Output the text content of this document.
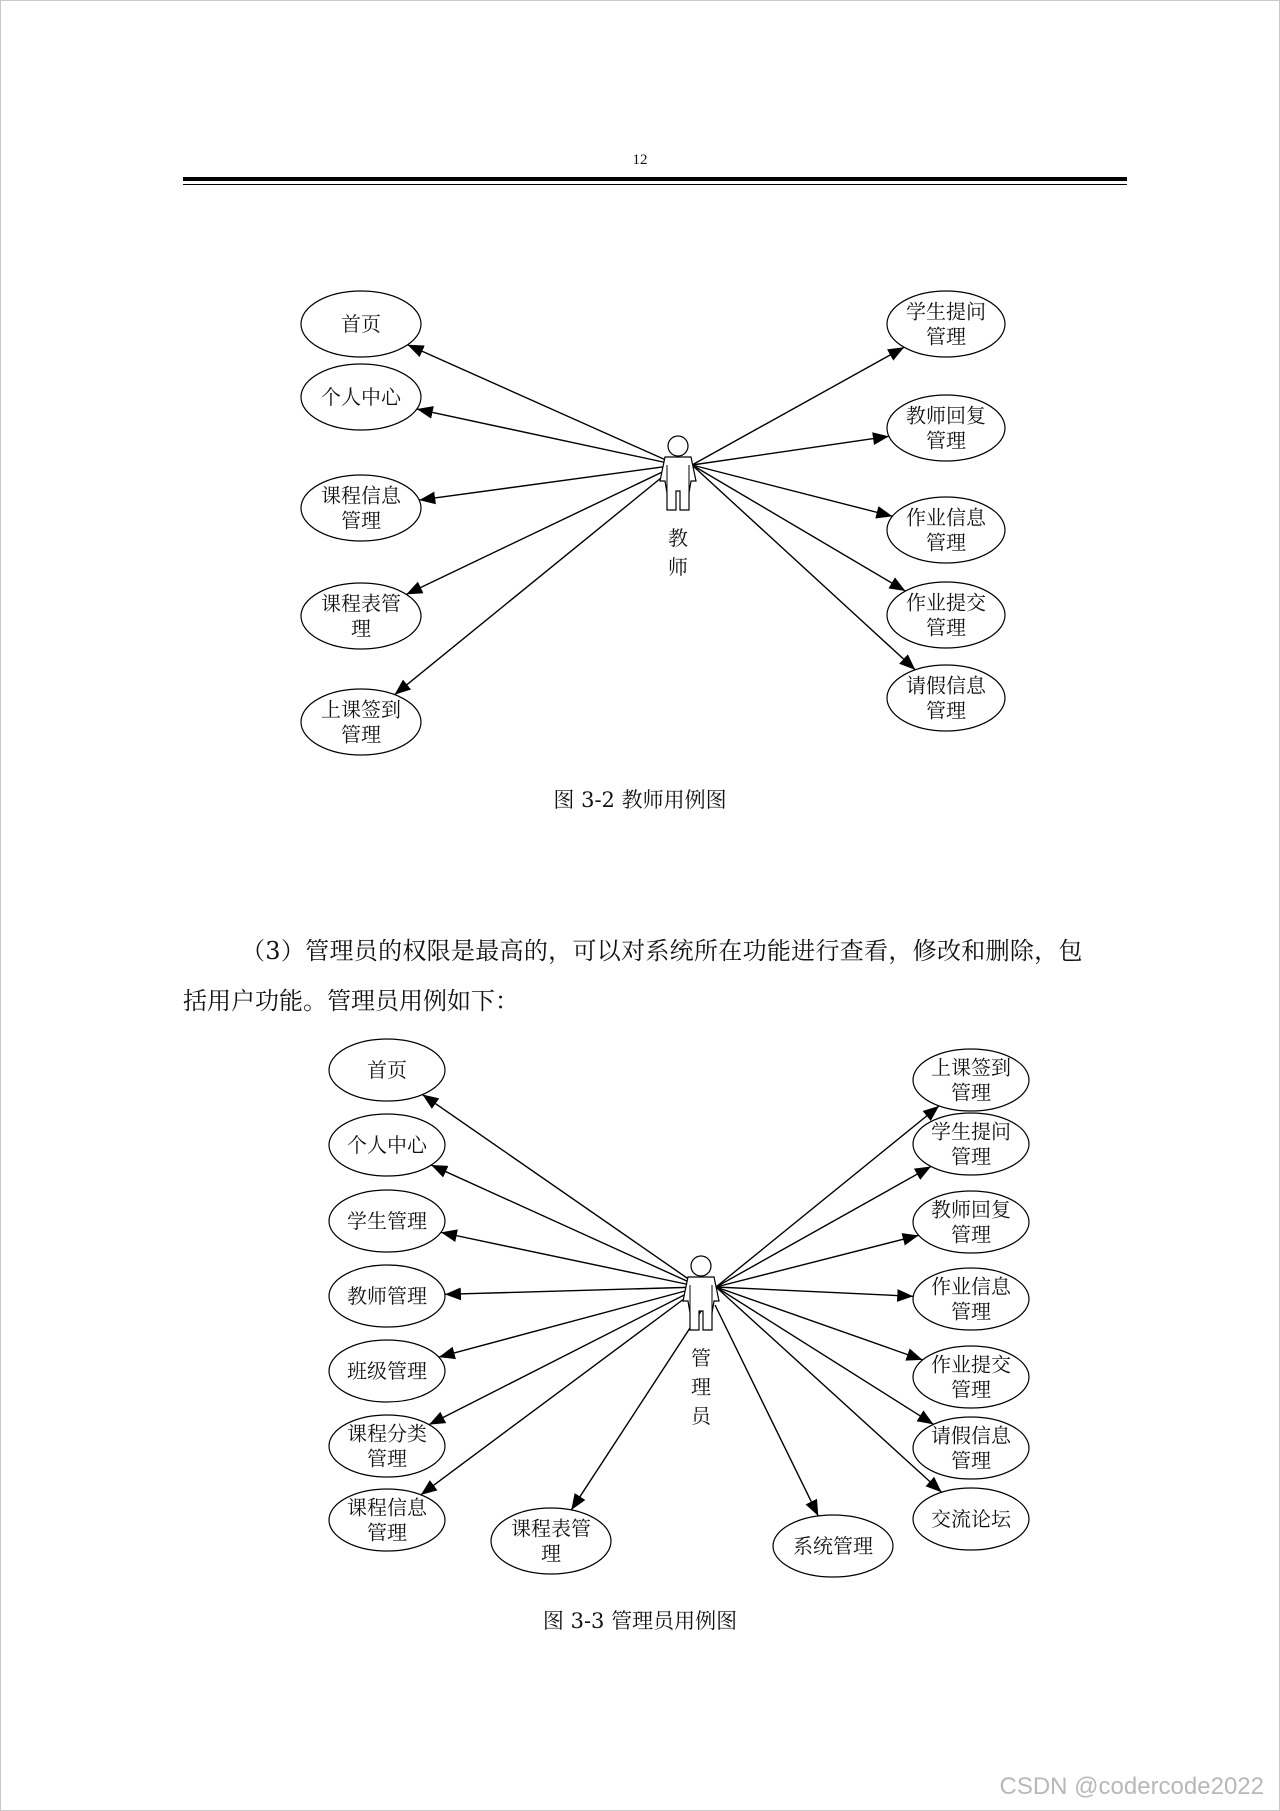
12
首页
个人中心
课程信息
管理
课程表管
理
上课签到
管理
学生提问
管理
教师回复
管理
作业信息
管理
作业提交
管理
请假信息
管理
教
师
图 3-2 教师用例图
（3）管理员的权限是最高的，可以对系统所在功能进行查看，修改和删除，包
括用户功能。管理员用例如下：
首页
个人中心
学生管理
教师管理
班级管理
课程分类
管理
课程信息
管理	课程表管
理	系统管理
上课签到
管理
学生提问
管理
教师回复
管理
作业信息
管理
作业提交
管理
请假信息
管理
交流论坛
管
理
员
图 3-3 管理员用例图
CSDN @codercode2022
